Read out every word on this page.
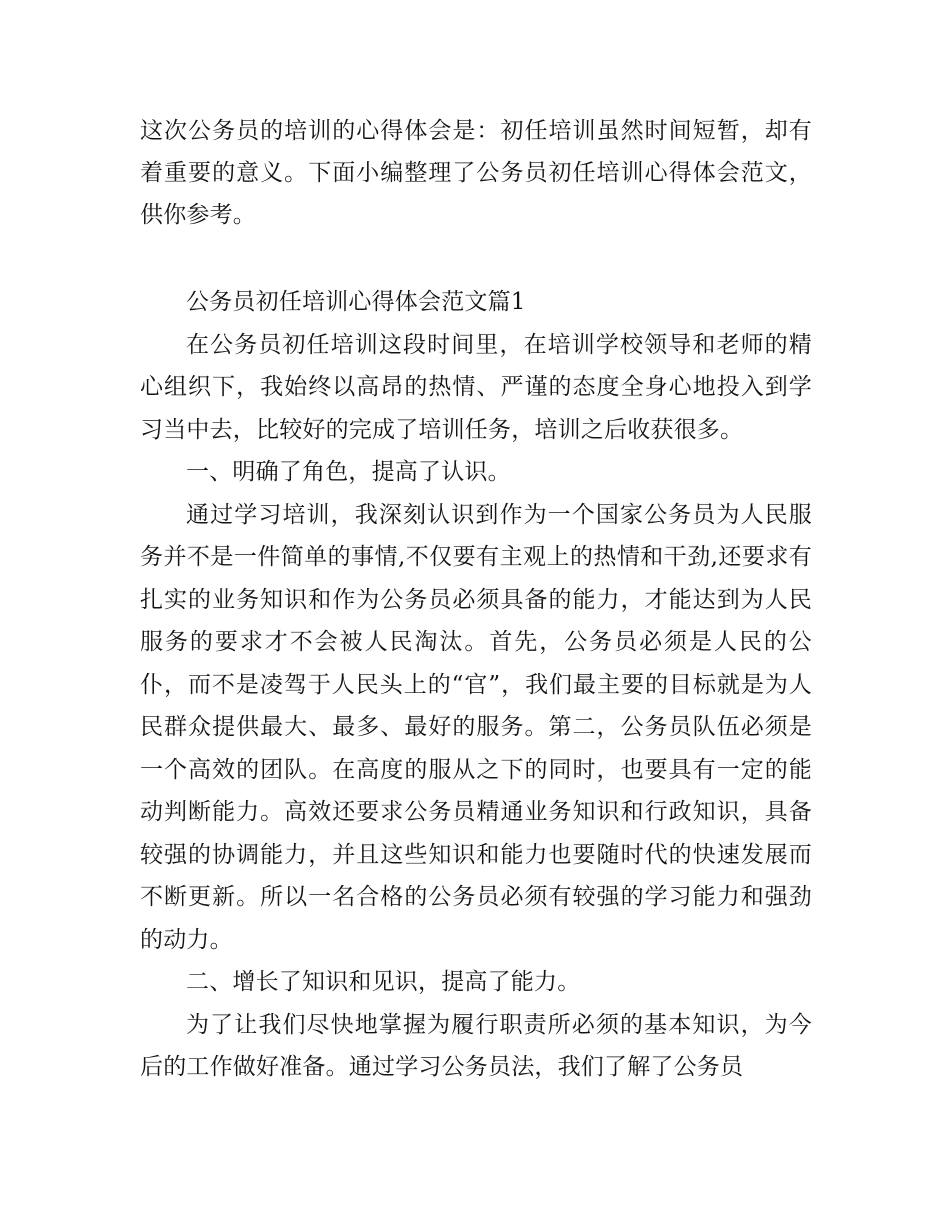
这次公务员的培训的心得体会是：初任培训虽然时间短暂，却有着重要的意义。下面小编整理了公务员初任培训心得体会范文，供你参考。

公务员初任培训心得体会范文篇1

在公务员初任培训这段时间里，在培训学校领导和老师的精心组织下，我始终以高昂的热情、严谨的态度全身心地投入到学习当中去，比较好的完成了培训任务，培训之后收获很多。

一、明确了角色，提高了认识。

通过学习培训，我深刻认识到作为一个国家公务员为人民服务并不是一件简单的事情,不仅要有主观上的热情和干劲,还要求有扎实的业务知识和作为公务员必须具备的能力，才能达到为人民服务的要求才不会被人民淘汰。首先，公务员必须是人民的公仆，而不是凌驾于人民头上的“官”，我们最主要的目标就是为人民群众提供最大、最多、最好的服务。第二，公务员队伍必须是一个高效的团队。在高度的服从之下的同时，也要具有一定的能动判断能力。高效还要求公务员精通业务知识和行政知识，具备较强的协调能力，并且这些知识和能力也要随时代的快速发展而不断更新。所以一名合格的公务员必须有较强的学习能力和强劲的动力。

二、增长了知识和见识，提高了能力。

为了让我们尽快地掌握为履行职责所必须的基本知识，为今后的工作做好准备。通过学习公务员法，我们了解了公务员
